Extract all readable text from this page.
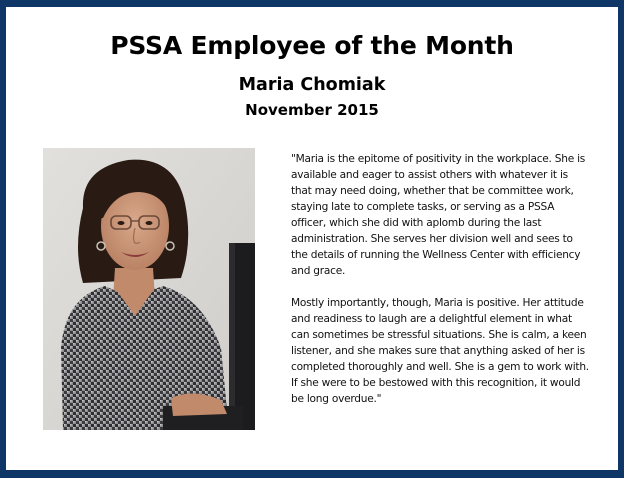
PSSA Employee of the Month
Maria Chomiak
November 2015

"Maria is the epitome of positivity in the workplace. She is available and eager to assist others with whatever it is that may need doing, whether that be committee work, staying late to complete tasks, or serving as a PSSA officer, which she did with aplomb during the last administration. She serves her division well and sees to the details of running the Wellness Center with efficiency and grace.

Mostly importantly, though, Maria is positive. Her attitude and readiness to laugh are a delightful element in what can sometimes be stressful situations. She is calm, a keen listener, and she makes sure that anything asked of her is completed thoroughly and well. She is a gem to work with. If she were to be bestowed with this recognition, it would be long overdue."
